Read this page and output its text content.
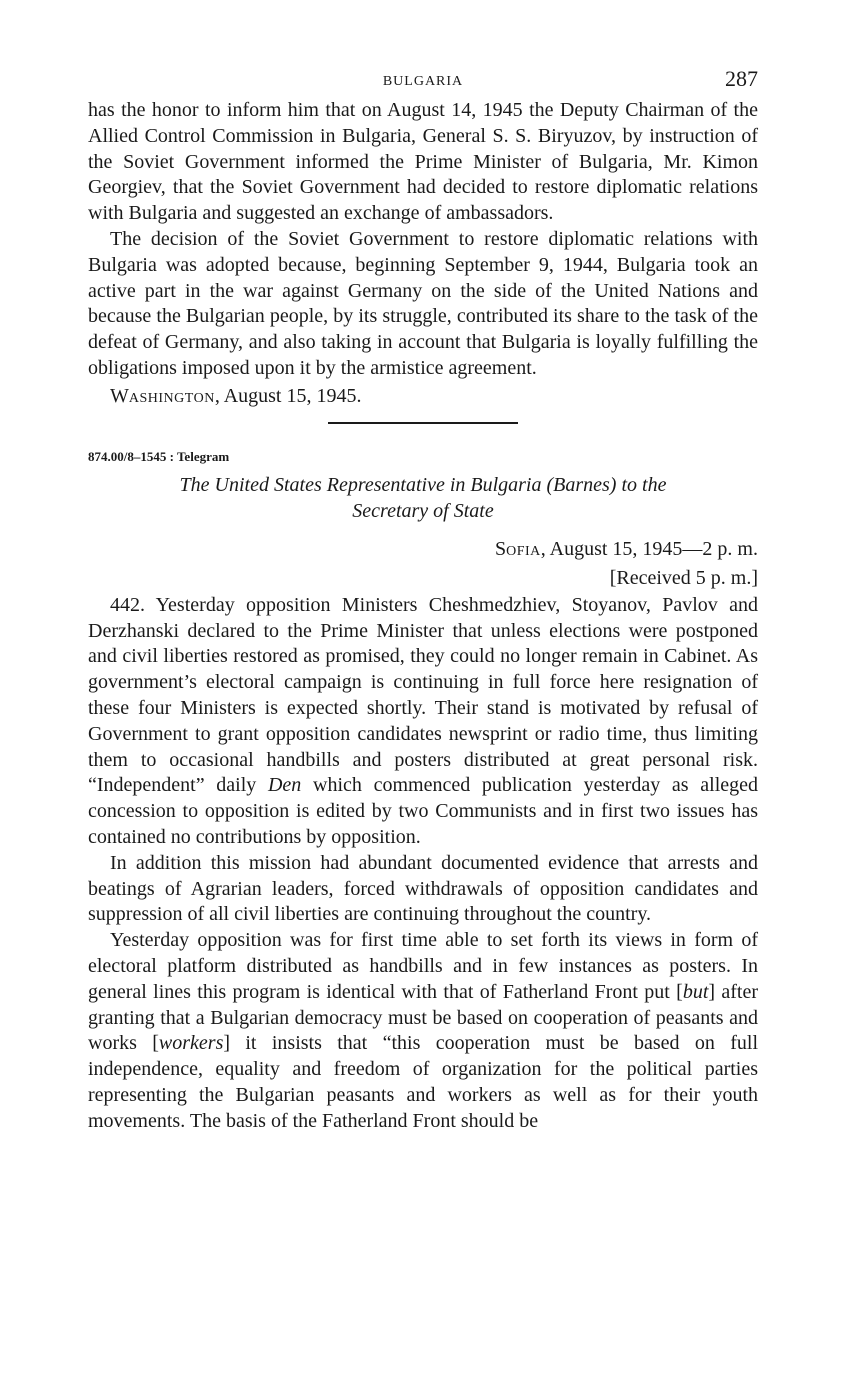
BULGARIA	287

has the honor to inform him that on August 14, 1945 the Deputy Chairman of the Allied Control Commission in Bulgaria, General S. S. Biryuzov, by instruction of the Soviet Government informed the Prime Minister of Bulgaria, Mr. Kimon Georgiev, that the Soviet Government had decided to restore diplomatic relations with Bulgaria and suggested an exchange of ambassadors.

The decision of the Soviet Government to restore diplomatic relations with Bulgaria was adopted because, beginning September 9, 1944, Bulgaria took an active part in the war against Germany on the side of the United Nations and because the Bulgarian people, by its struggle, contributed its share to the task of the defeat of Germany, and also taking in account that Bulgaria is loyally fulfilling the obligations imposed upon it by the armistice agreement.

WASHINGTON, August 15, 1945.
874.00/8–1545 : Telegram
The United States Representative in Bulgaria (Barnes) to the
Secretary of State
SOFIA, August 15, 1945—2 p. m.
[Received 5 p. m.]

442. Yesterday opposition Ministers Cheshmedzhiev, Stoyanov, Pavlov and Derzhanski declared to the Prime Minister that unless elections were postponed and civil liberties restored as promised, they could no longer remain in Cabinet. As government’s electoral campaign is continuing in full force here resignation of these four Ministers is expected shortly. Their stand is motivated by refusal of Government to grant opposition candidates newsprint or radio time, thus limiting them to occasional handbills and posters distributed at great personal risk. “Independent” daily Den which commenced publication yesterday as alleged concession to opposition is edited by two Communists and in first two issues has contained no contributions by opposition.

In addition this mission had abundant documented evidence that arrests and beatings of Agrarian leaders, forced withdrawals of opposition candidates and suppression of all civil liberties are continuing throughout the country.

Yesterday opposition was for first time able to set forth its views in form of electoral platform distributed as handbills and in few instances as posters. In general lines this program is identical with that of Fatherland Front put [but] after granting that a Bulgarian democracy must be based on cooperation of peasants and works [workers] it insists that “this cooperation must be based on full independence, equality and freedom of organization for the political parties representing the Bulgarian peasants and workers as well as for their youth movements. The basis of the Fatherland Front should be
